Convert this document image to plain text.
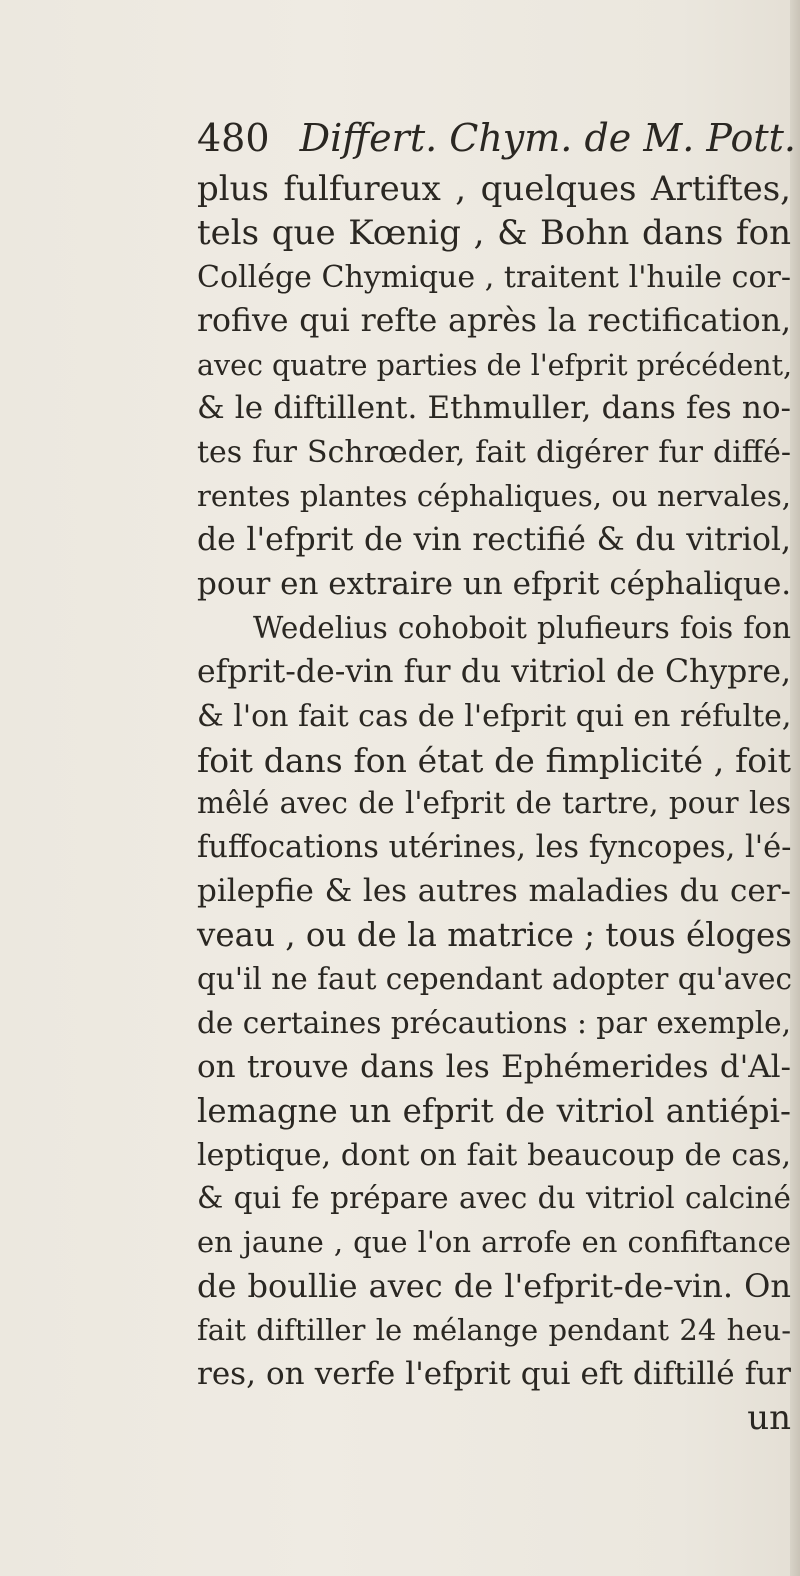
480 Differt. Chym. de M. Pott.
plus fulfureux , quelques Artiftes,
tels que Kœnig , & Bohn dans fon
Collége Chymique , traitent l'huile cor-
rofive qui refte après la rectification,
avec quatre parties de l'efprit précédent,
& le diftillent. Ethmuller, dans fes no-
tes fur Schrœder, fait digérer fur diffé-
rentes plantes céphaliques, ou nervales,
de l'efprit de vin rectifié & du vitriol,
pour en extraire un efprit céphalique.
Wedelius cohoboit plufieurs fois fon
efprit-de-vin fur du vitriol de Chypre,
& l'on fait cas de l'efprit qui en réfulte,
foit dans fon état de fimplicité , foit
mêlé avec de l'efprit de tartre, pour les
fuffocations utérines, les fyncopes, l'é-
pilepfie & les autres maladies du cer-
veau , ou de la matrice ; tous éloges
qu'il ne faut cependant adopter qu'avec
de certaines précautions : par exemple,
on trouve dans les Ephémerides d'Al-
lemagne un efprit de vitriol antiépi-
leptique, dont on fait beaucoup de cas,
& qui fe prépare avec du vitriol calciné
en jaune , que l'on arrofe en confiftance
de boullie avec de l'efprit-de-vin. On
fait diftiller le mélange pendant 24 heu-
res, on verfe l'efprit qui eft diftillé fur
un
